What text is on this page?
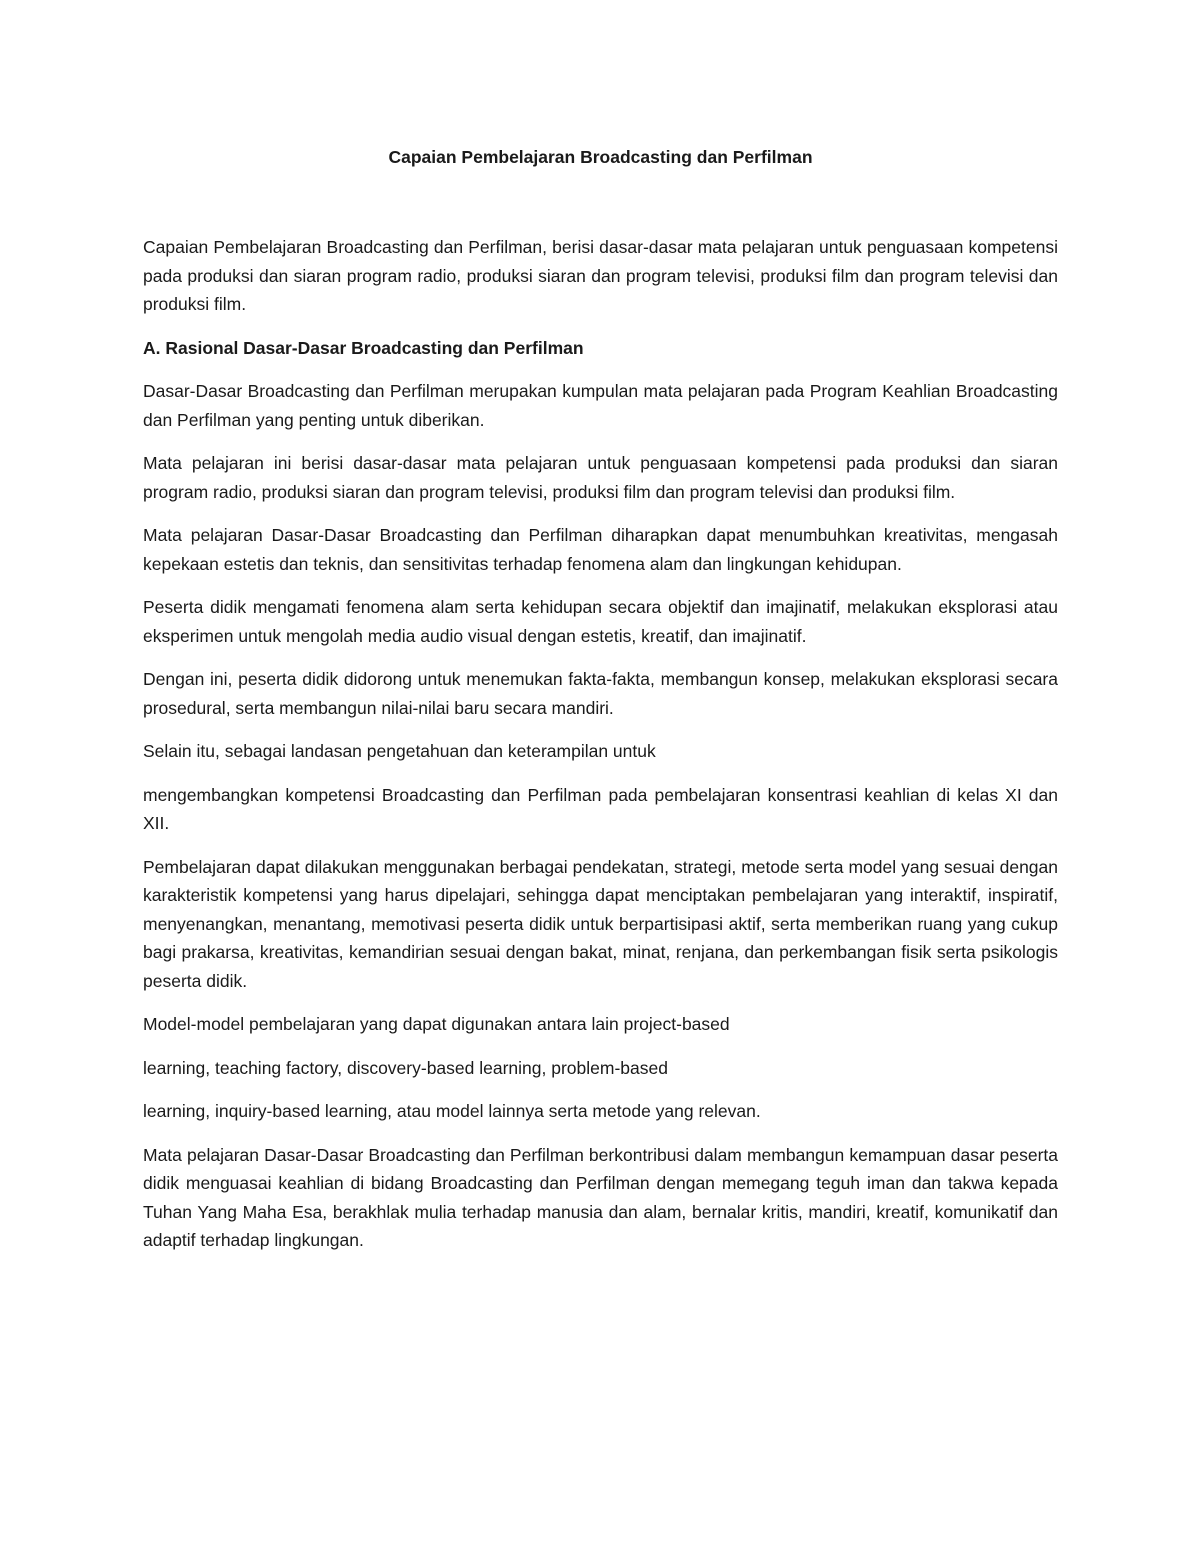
Capaian Pembelajaran Broadcasting dan Perfilman

Capaian Pembelajaran Broadcasting dan Perfilman, berisi dasar-dasar mata pelajaran untuk penguasaan kompetensi pada produksi dan siaran program radio, produksi siaran dan program televisi, produksi film dan program televisi dan produksi film.

A. Rasional Dasar-Dasar Broadcasting dan Perfilman

Dasar-Dasar Broadcasting dan Perfilman merupakan kumpulan mata pelajaran pada Program Keahlian Broadcasting dan Perfilman yang penting untuk diberikan.

Mata pelajaran ini berisi dasar-dasar mata pelajaran untuk penguasaan kompetensi pada produksi dan siaran program radio, produksi siaran dan program televisi, produksi film dan program televisi dan produksi film.

Mata pelajaran Dasar-Dasar Broadcasting dan Perfilman diharapkan dapat menumbuhkan kreativitas, mengasah kepekaan estetis dan teknis, dan sensitivitas terhadap fenomena alam dan lingkungan kehidupan.

Peserta didik mengamati fenomena alam serta kehidupan secara objektif dan imajinatif, melakukan eksplorasi atau eksperimen untuk mengolah media audio visual dengan estetis, kreatif, dan imajinatif.

Dengan ini, peserta didik didorong untuk menemukan fakta-fakta, membangun konsep, melakukan eksplorasi secara prosedural, serta membangun nilai-nilai baru secara mandiri.

Selain itu, sebagai landasan pengetahuan dan keterampilan untuk

mengembangkan kompetensi Broadcasting dan Perfilman pada pembelajaran konsentrasi keahlian di kelas XI dan XII.

Pembelajaran dapat dilakukan menggunakan berbagai pendekatan, strategi, metode serta model yang sesuai dengan karakteristik kompetensi yang harus dipelajari, sehingga dapat menciptakan pembelajaran yang interaktif, inspiratif, menyenangkan, menantang, memotivasi peserta didik untuk berpartisipasi aktif, serta memberikan ruang yang cukup bagi prakarsa, kreativitas, kemandirian sesuai dengan bakat, minat, renjana, dan perkembangan fisik serta psikologis peserta didik.

Model-model pembelajaran yang dapat digunakan antara lain project-based

learning, teaching factory, discovery-based learning, problem-based

learning, inquiry-based learning, atau model lainnya serta metode yang relevan.

Mata pelajaran Dasar-Dasar Broadcasting dan Perfilman berkontribusi dalam membangun kemampuan dasar peserta didik menguasai keahlian di bidang Broadcasting dan Perfilman dengan memegang teguh iman dan takwa kepada Tuhan Yang Maha Esa, berakhlak mulia terhadap manusia dan alam, bernalar kritis, mandiri, kreatif, komunikatif dan adaptif terhadap lingkungan.
